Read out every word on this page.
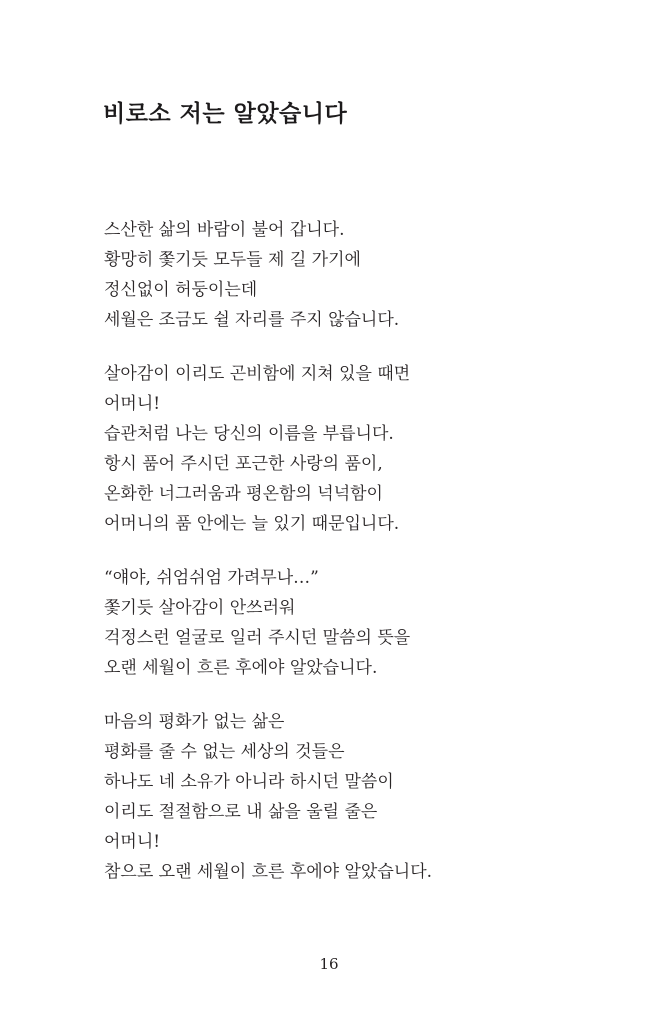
비로소 저는 알았습니다
스산한 삶의 바람이 불어 갑니다.
황망히 쫓기듯 모두들 제 길 가기에
정신없이 허둥이는데
세월은 조금도 쉴 자리를 주지 않습니다.
살아감이 이리도 곤비함에 지쳐 있을 때면
어머니!
습관처럼 나는 당신의 이름을 부릅니다.
항시 품어 주시던 포근한 사랑의 품이,
온화한 너그러움과 평온함의 넉넉함이
어머니의 품 안에는 늘 있기 때문입니다.
“얘야, 쉬엄쉬엄 가려무나…”
쫓기듯 살아감이 안쓰러워
걱정스런 얼굴로 일러 주시던 말씀의 뜻을
오랜 세월이 흐른 후에야 알았습니다.
마음의 평화가 없는 삶은
평화를 줄 수 없는 세상의 것들은
하나도 네 소유가 아니라 하시던 말씀이
이리도 절절함으로 내 삶을 울릴 줄은
어머니!
참으로 오랜 세월이 흐른 후에야 알았습니다.
16
